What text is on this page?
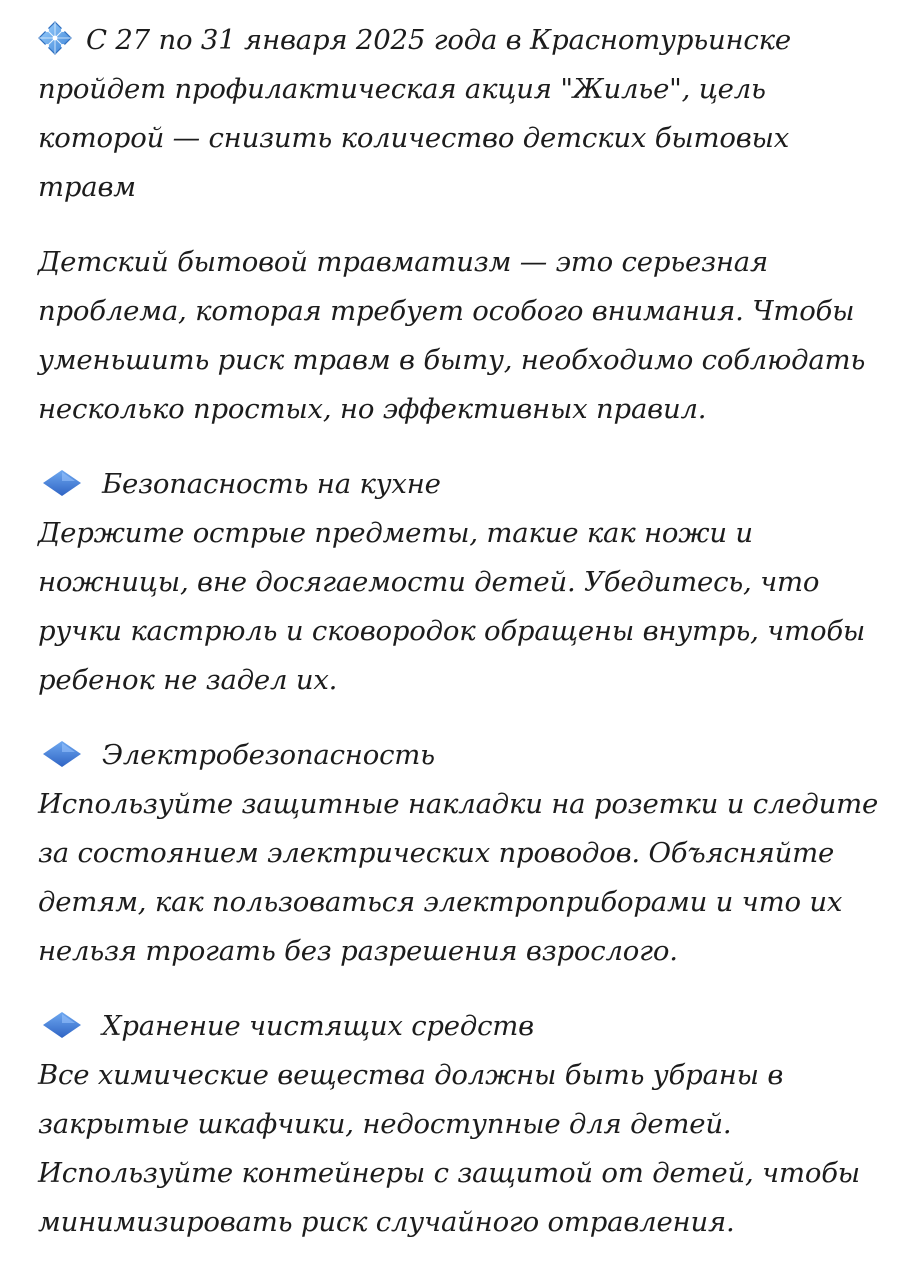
С 27 по 31 января 2025 года в Краснотурьинске пройдет профилактическая акция "Жилье", цель которой — снизить количество детских бытовых травм

Детский бытовой травматизм — это серьезная проблема, которая требует особого внимания. Чтобы уменьшить риск травм в быту, необходимо соблюдать несколько простых, но эффективных правил.

Безопасность на кухне

Держите острые предметы, такие как ножи и ножницы, вне досягаемости детей. Убедитесь, что ручки кастрюль и сковородок обращены внутрь, чтобы ребенок не задел их.

Электробезопасность

Используйте защитные накладки на розетки и следите за состоянием электрических проводов. Объясняйте детям, как пользоваться электроприборами и что их нельзя трогать без разрешения взрослого.

Хранение чистящих средств

Все химические вещества должны быть убраны в закрытые шкафчики, недоступные для детей. Используйте контейнеры с защитой от детей, чтобы минимизировать риск случайного отравления.
